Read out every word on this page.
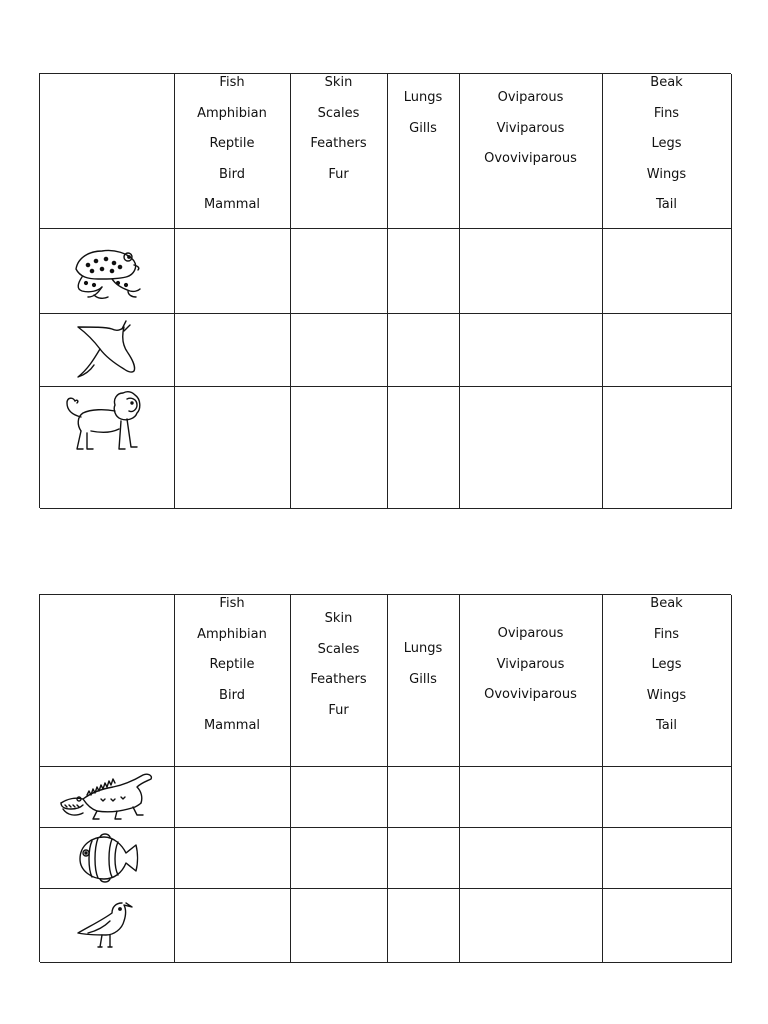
Fish
Amphibian
Reptile
Bird
Mammal
Skin
Scales
Feathers
Fur
Lungs
Gills
Oviparous
Viviparous
Ovoviviparous
Beak
Fins
Legs
Wings
Tail
Fish
Amphibian
Reptile
Bird
Mammal
Skin
Scales
Feathers
Fur
Lungs
Gills
Oviparous
Viviparous
Ovoviviparous
Beak
Fins
Legs
Wings
Tail
